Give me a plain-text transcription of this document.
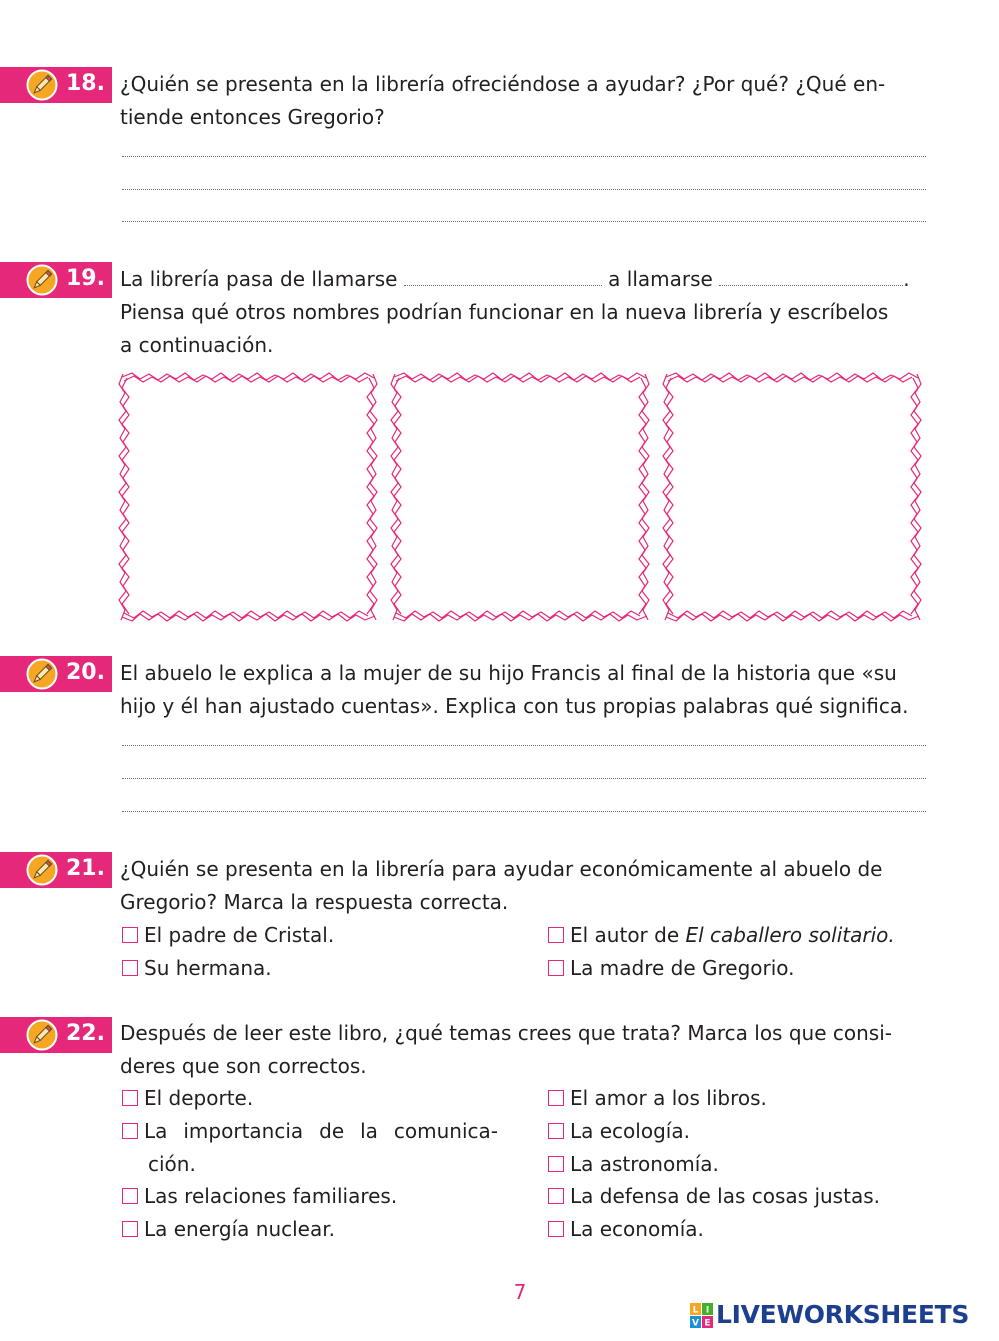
18. ¿Quién se presenta en la librería ofreciéndose a ayudar? ¿Por qué? ¿Qué en-
tiende entonces Gregorio?

19. La librería pasa de llamarse	a llamarse	.
Piensa qué otros nombres podrían funcionar en la nueva librería y escríbelos
a continuación.

20. El abuelo le explica a la mujer de su hijo Francis al final de la historia que «su
hijo y él han ajustado cuentas». Explica con tus propias palabras qué significa.

21. ¿Quién se presenta en la librería para ayudar económicamente al abuelo de
Gregorio? Marca la respuesta correcta.

El padre de Cristal.
Su hermana.
El autor de El caballero solitario.
La madre de Gregorio.
22. Después de leer este libro, ¿qué temas crees que trata? Marca los que consi-
deres que son correctos.

El deporte.
La importancia de la comunica-
ción.
Las relaciones familiares.
La energía nuclear.
El amor a los libros.
La ecología.
La astronomía.
La defensa de las cosas justas.
La economía.
7
L I
V E LIVEWORKSHEETS
